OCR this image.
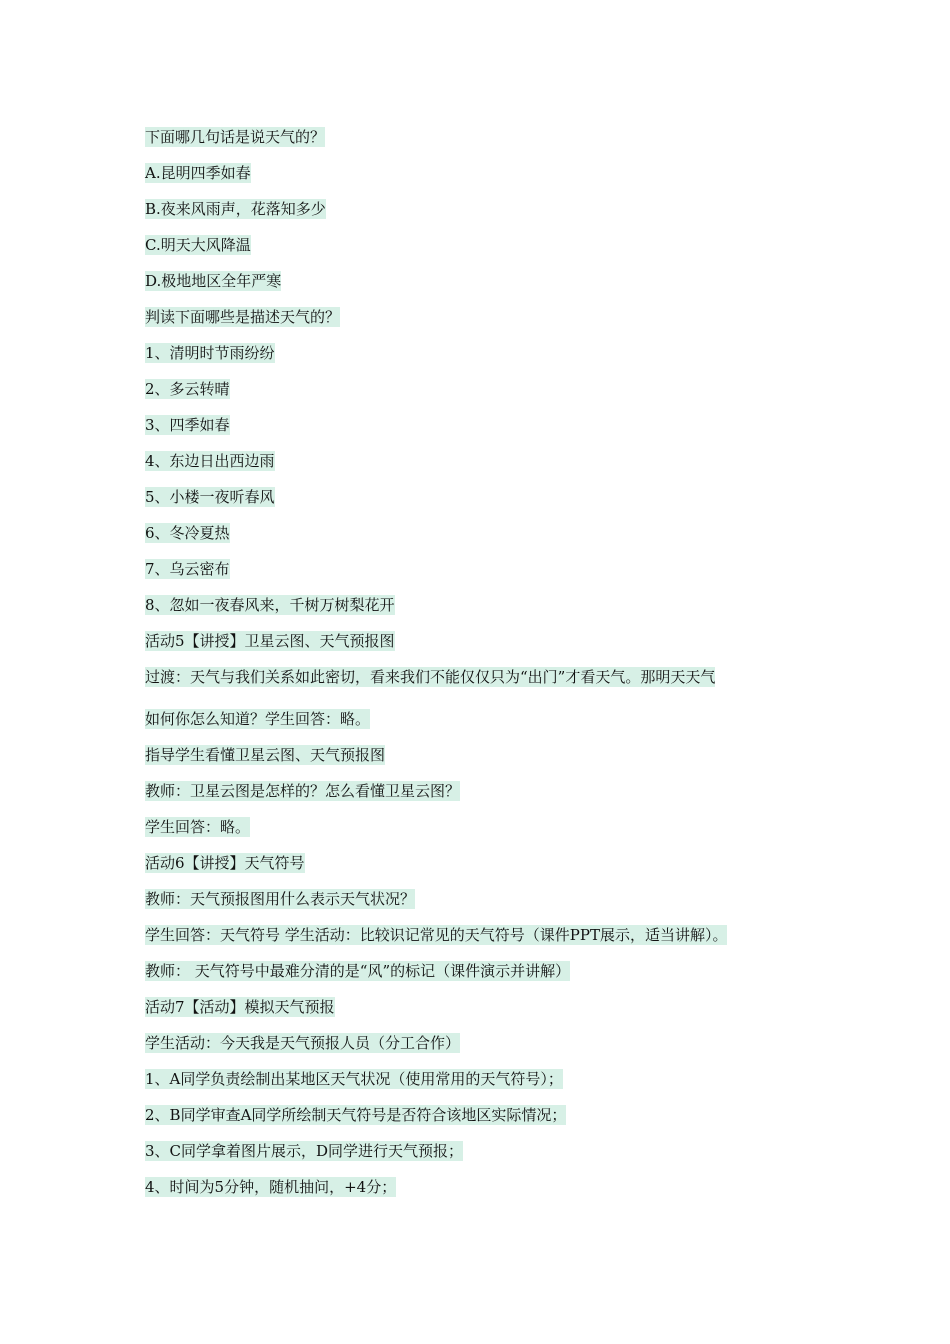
下面哪几句话是说天气的？
A.昆明四季如春
B.夜来风雨声，花落知多少
C.明天大风降温
D.极地地区全年严寒
判读下面哪些是描述天气的？
1、清明时节雨纷纷
2、多云转晴
3、四季如春
4、东边日出西边雨
5、小楼一夜听春风
6、冬冷夏热
7、乌云密布
8、忽如一夜春风来，千树万树梨花开
活动5【讲授】卫星云图、天气预报图
过渡：天气与我们关系如此密切，看来我们不能仅仅只为“出门”才看天气。那明天天气
如何你怎么知道？学生回答：略。
指导学生看懂卫星云图、天气预报图
教师：卫星云图是怎样的？怎么看懂卫星云图？
学生回答：略。
活动6【讲授】天气符号
教师：天气预报图用什么表示天气状况？
学生回答：天气符号 学生活动：比较识记常见的天气符号（课件PPT展示，适当讲解）。
教师： 天气符号中最难分清的是“风”的标记（课件演示并讲解）
活动7【活动】模拟天气预报
学生活动：今天我是天气预报人员（分工合作）
1、A同学负责绘制出某地区天气状况（使用常用的天气符号）；
2、B同学审查A同学所绘制天气符号是否符合该地区实际情况；
3、C同学拿着图片展示，D同学进行天气预报；
4、时间为5分钟，随机抽问，+4分；
